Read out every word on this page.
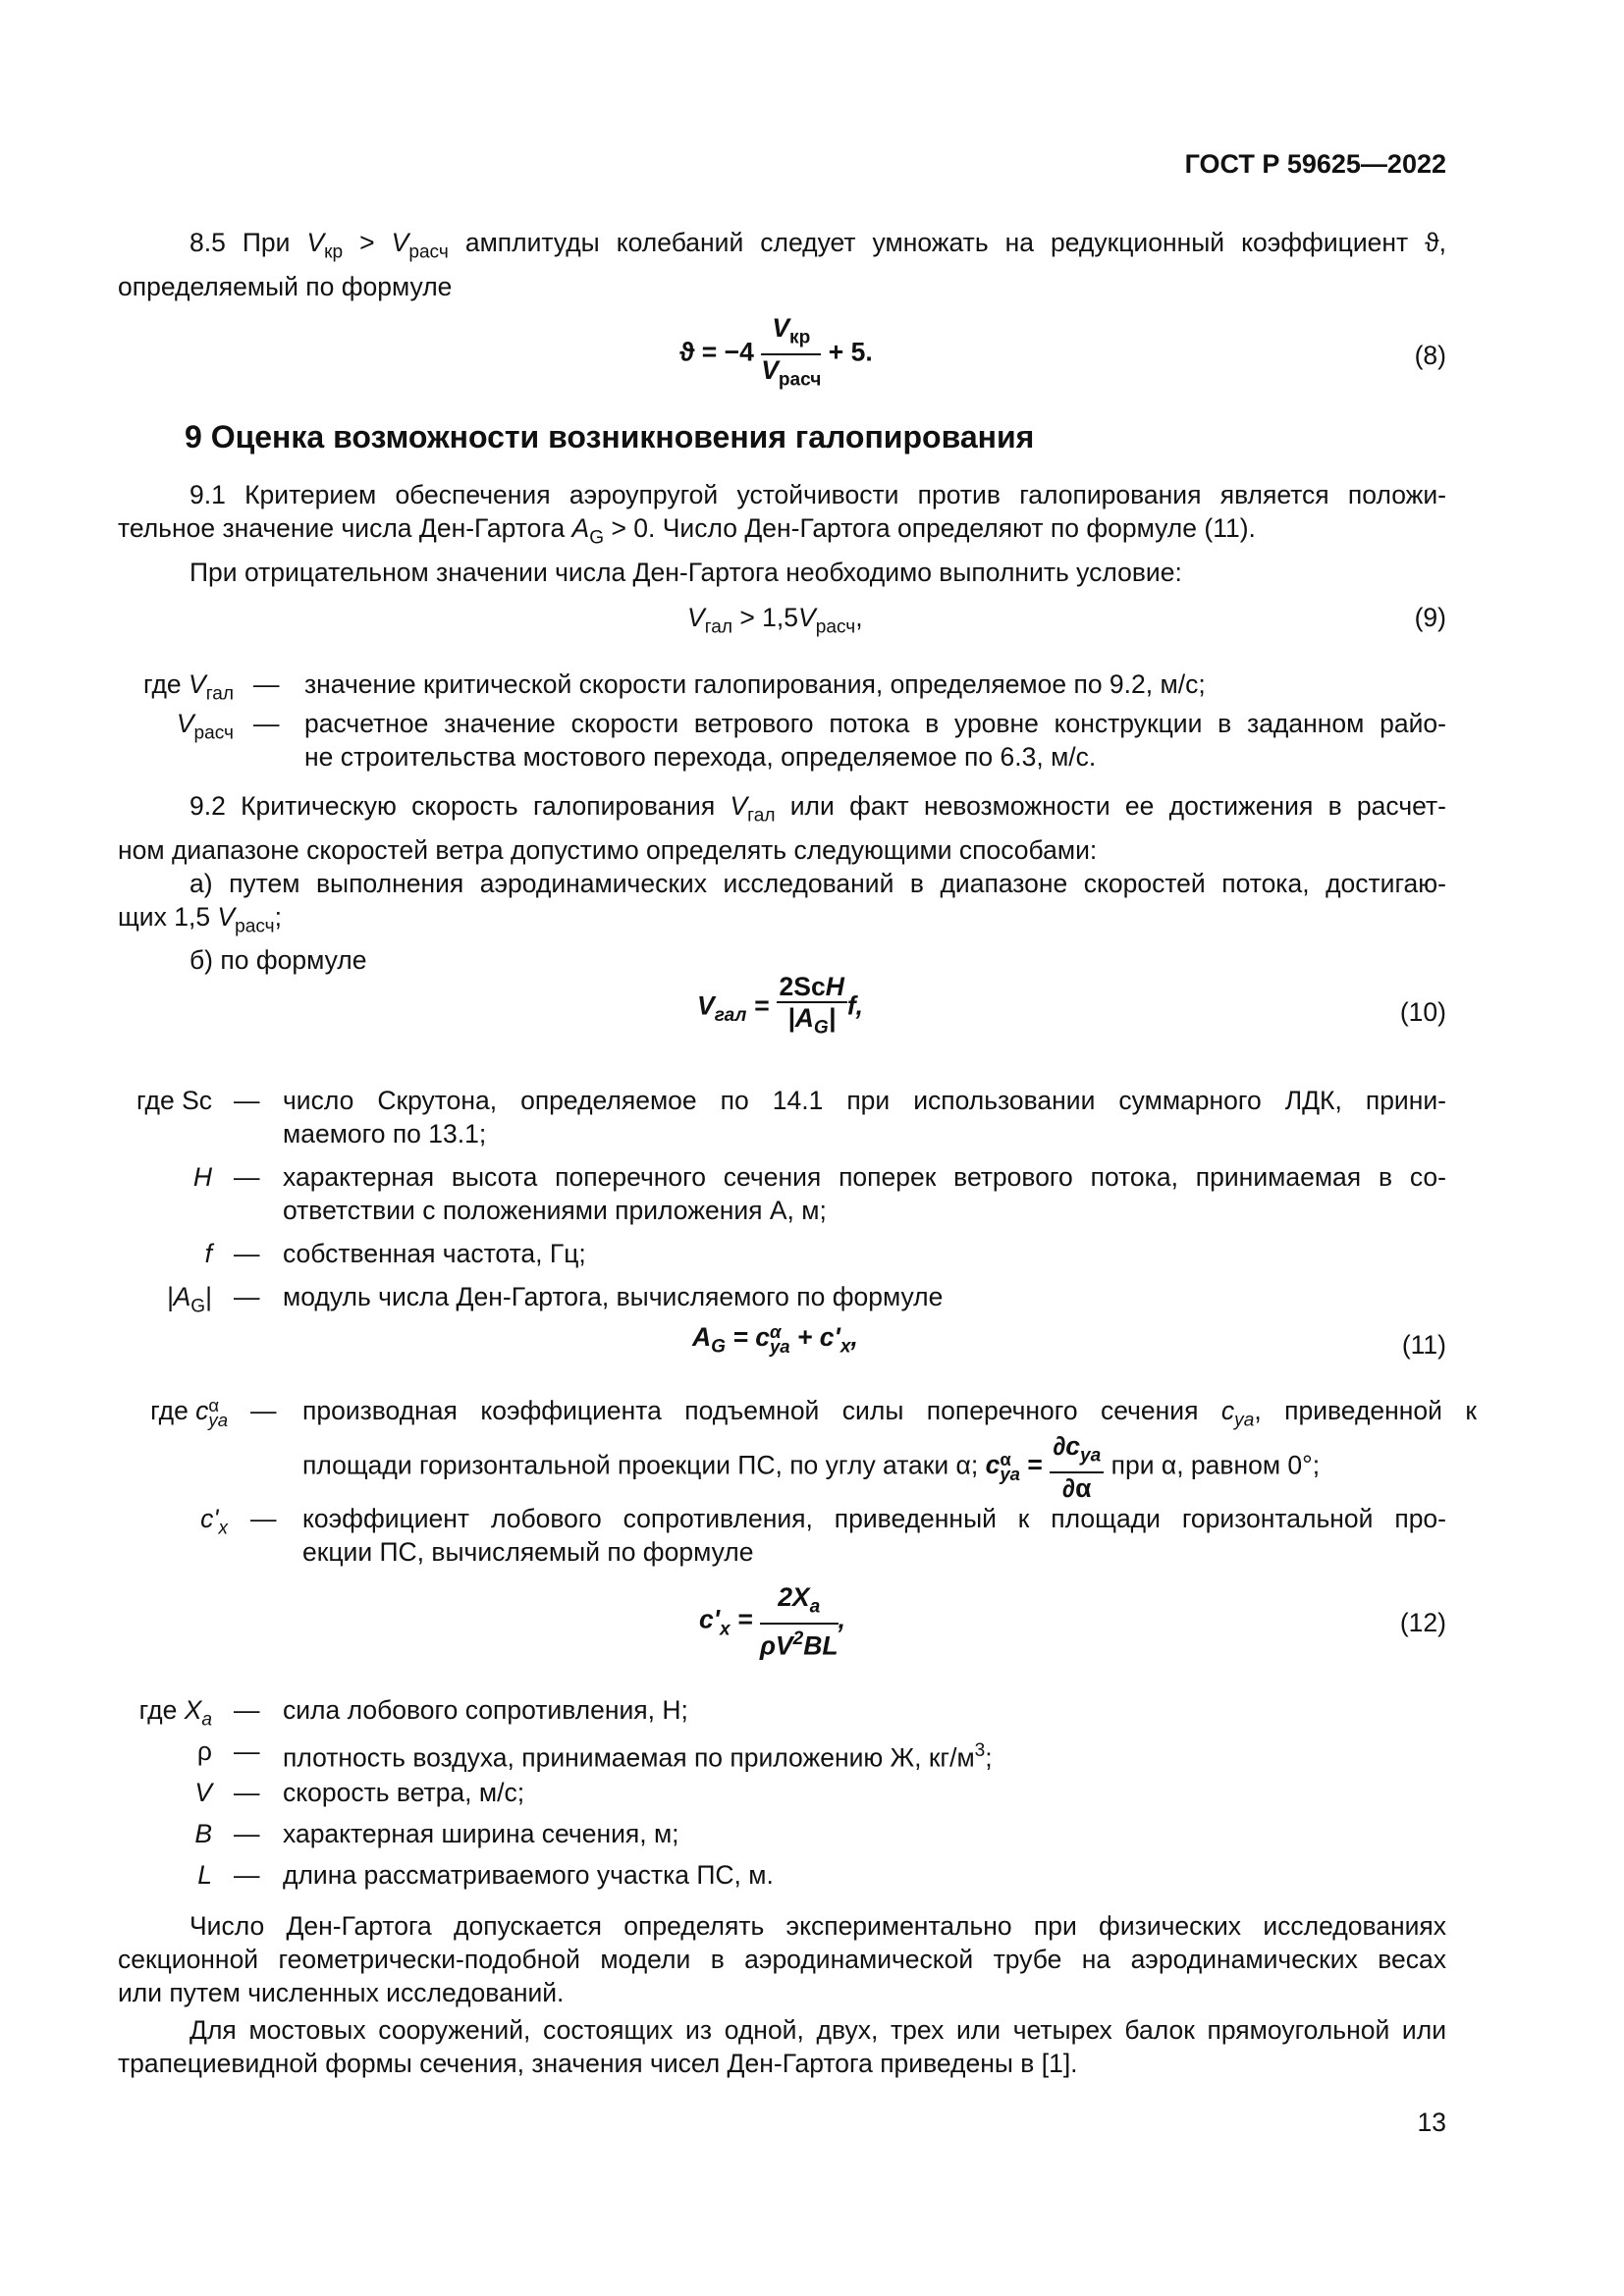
ГОСТ Р 59625—2022
8.5 При $V_{кр} > V_{расч}$ амплитуды колебаний следует умножать на редукционный коэффициент ϑ,
определяемый по формуле
ϑ = −4
$V_{кр}$
$V_{расч}$
+ 5.	(8)
9 Оценка возможности возникновения галопирования
9.1 Критерием обеспечения аэроупругой устойчивости против галопирования является положи-
тельное значение числа Ден-Гартога $A_G > 0$. Число Ден-Гартога определяют по формуле (11).
При отрицательном значении числа Ден-Гартога необходимо выполнить условие:
$V_{гал} > 1,5V_{расч}$,	(9)
где $V_{гал}$ — значение критической скорости галопирования, определяемое по 9.2, м/с;
$V_{расч}$ — расчетное значение скорости ветрового потока в уровне конструкции в заданном райо-
не строительства мостового перехода, определяемое по 6.3, м/с.
9.2 Критическую скорость галопирования $V_{гал}$ или факт невозможности ее достижения в расчет-
ном диапазоне скоростей ветра допустимо определять следующими способами:
а) путем выполнения аэродинамических исследований в диапазоне скоростей потока, достигаю-
щих 1,5 $V_{расч}$;
б) по формуле
$V_{гал}$ =
2ScH
$|A_G|$ f,	(10)
где Sc — число Скрутона, определяемое по 14.1 при использовании суммарного ЛДК, прини-
маемого по 13.1;
H — характерная высота поперечного сечения поперек ветрового потока, принимаемая в со-
ответствии с положениями приложения А, м;
f — собственная частота, Гц;
$|A_G|$ — модуль числа Ден-Гартога, вычисляемого по формуле
$A_G = c$ α
ya + $c'_x$,	(11)
где c α
ya — производная коэффициента подъемной силы поперечного сечения $c_{ya}$, приведенной к
площади горизонтальной проекции ПС, по углу атаки α; c α
ya =
$\partial c_{ya}$
∂α
при α, равном 0°;
$c'_x$ — коэффициент лобового сопротивления, приведенный к площади горизонтальной про-
екции ПС, вычисляемый по формуле
$c'_x = \frac{2X_a}{\rho V^2BL}$ ,	(12)
где $X_a$ — сила лобового сопротивления, Н;
ρ — плотность воздуха, принимаемая по приложению Ж, $кг/м^3$;
V — скорость ветра, м/с;
B — характерная ширина сечения, м;
L — длина рассматриваемого участка ПС, м.
Число Ден-Гартога допускается определять экспериментально при физических исследованиях
секционной геометрически-подобной модели в аэродинамической трубе на аэродинамических весах
или путем численных исследований.
Для мостовых сооружений, состоящих из одной, двух, трех или четырех балок прямоугольной или
трапециевидной формы сечения, значения чисел Ден-Гартога приведены в [1].
13
